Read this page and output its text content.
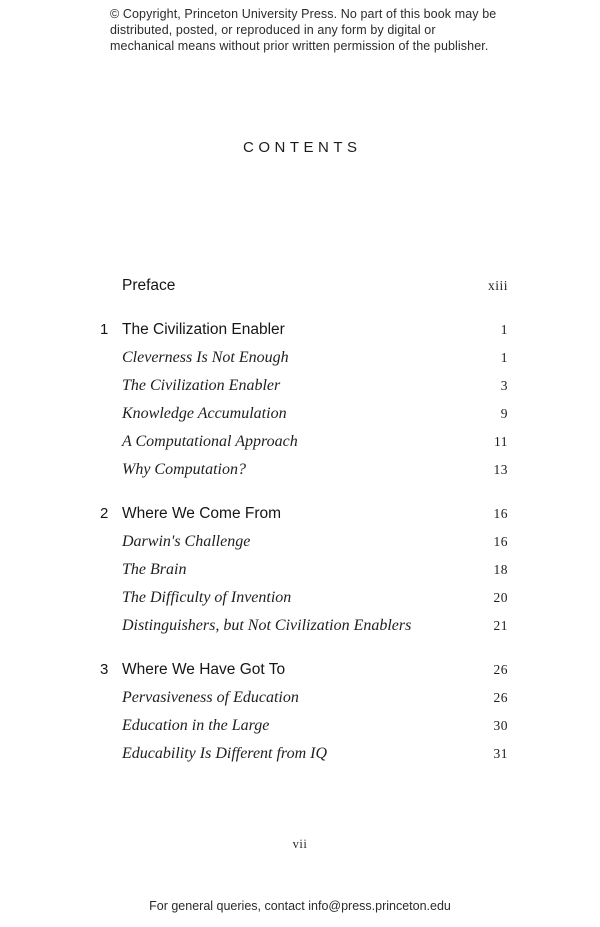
© Copyright, Princeton University Press. No part of this book may be distributed, posted, or reproduced in any form by digital or mechanical means without prior written permission of the publisher.
CONTENTS
Preface	xiii
1 The Civilization Enabler	1
Cleverness Is Not Enough	1
The Civilization Enabler	3
Knowledge Accumulation	9
A Computational Approach	11
Why Computation?	13
2 Where We Come From	16
Darwin's Challenge	16
The Brain	18
The Difficulty of Invention	20
Distinguishers, but Not Civilization Enablers	21
3 Where We Have Got To	26
Pervasiveness of Education	26
Education in the Large	30
Educability Is Different from IQ	31
vii
For general queries, contact info@press.princeton.edu
